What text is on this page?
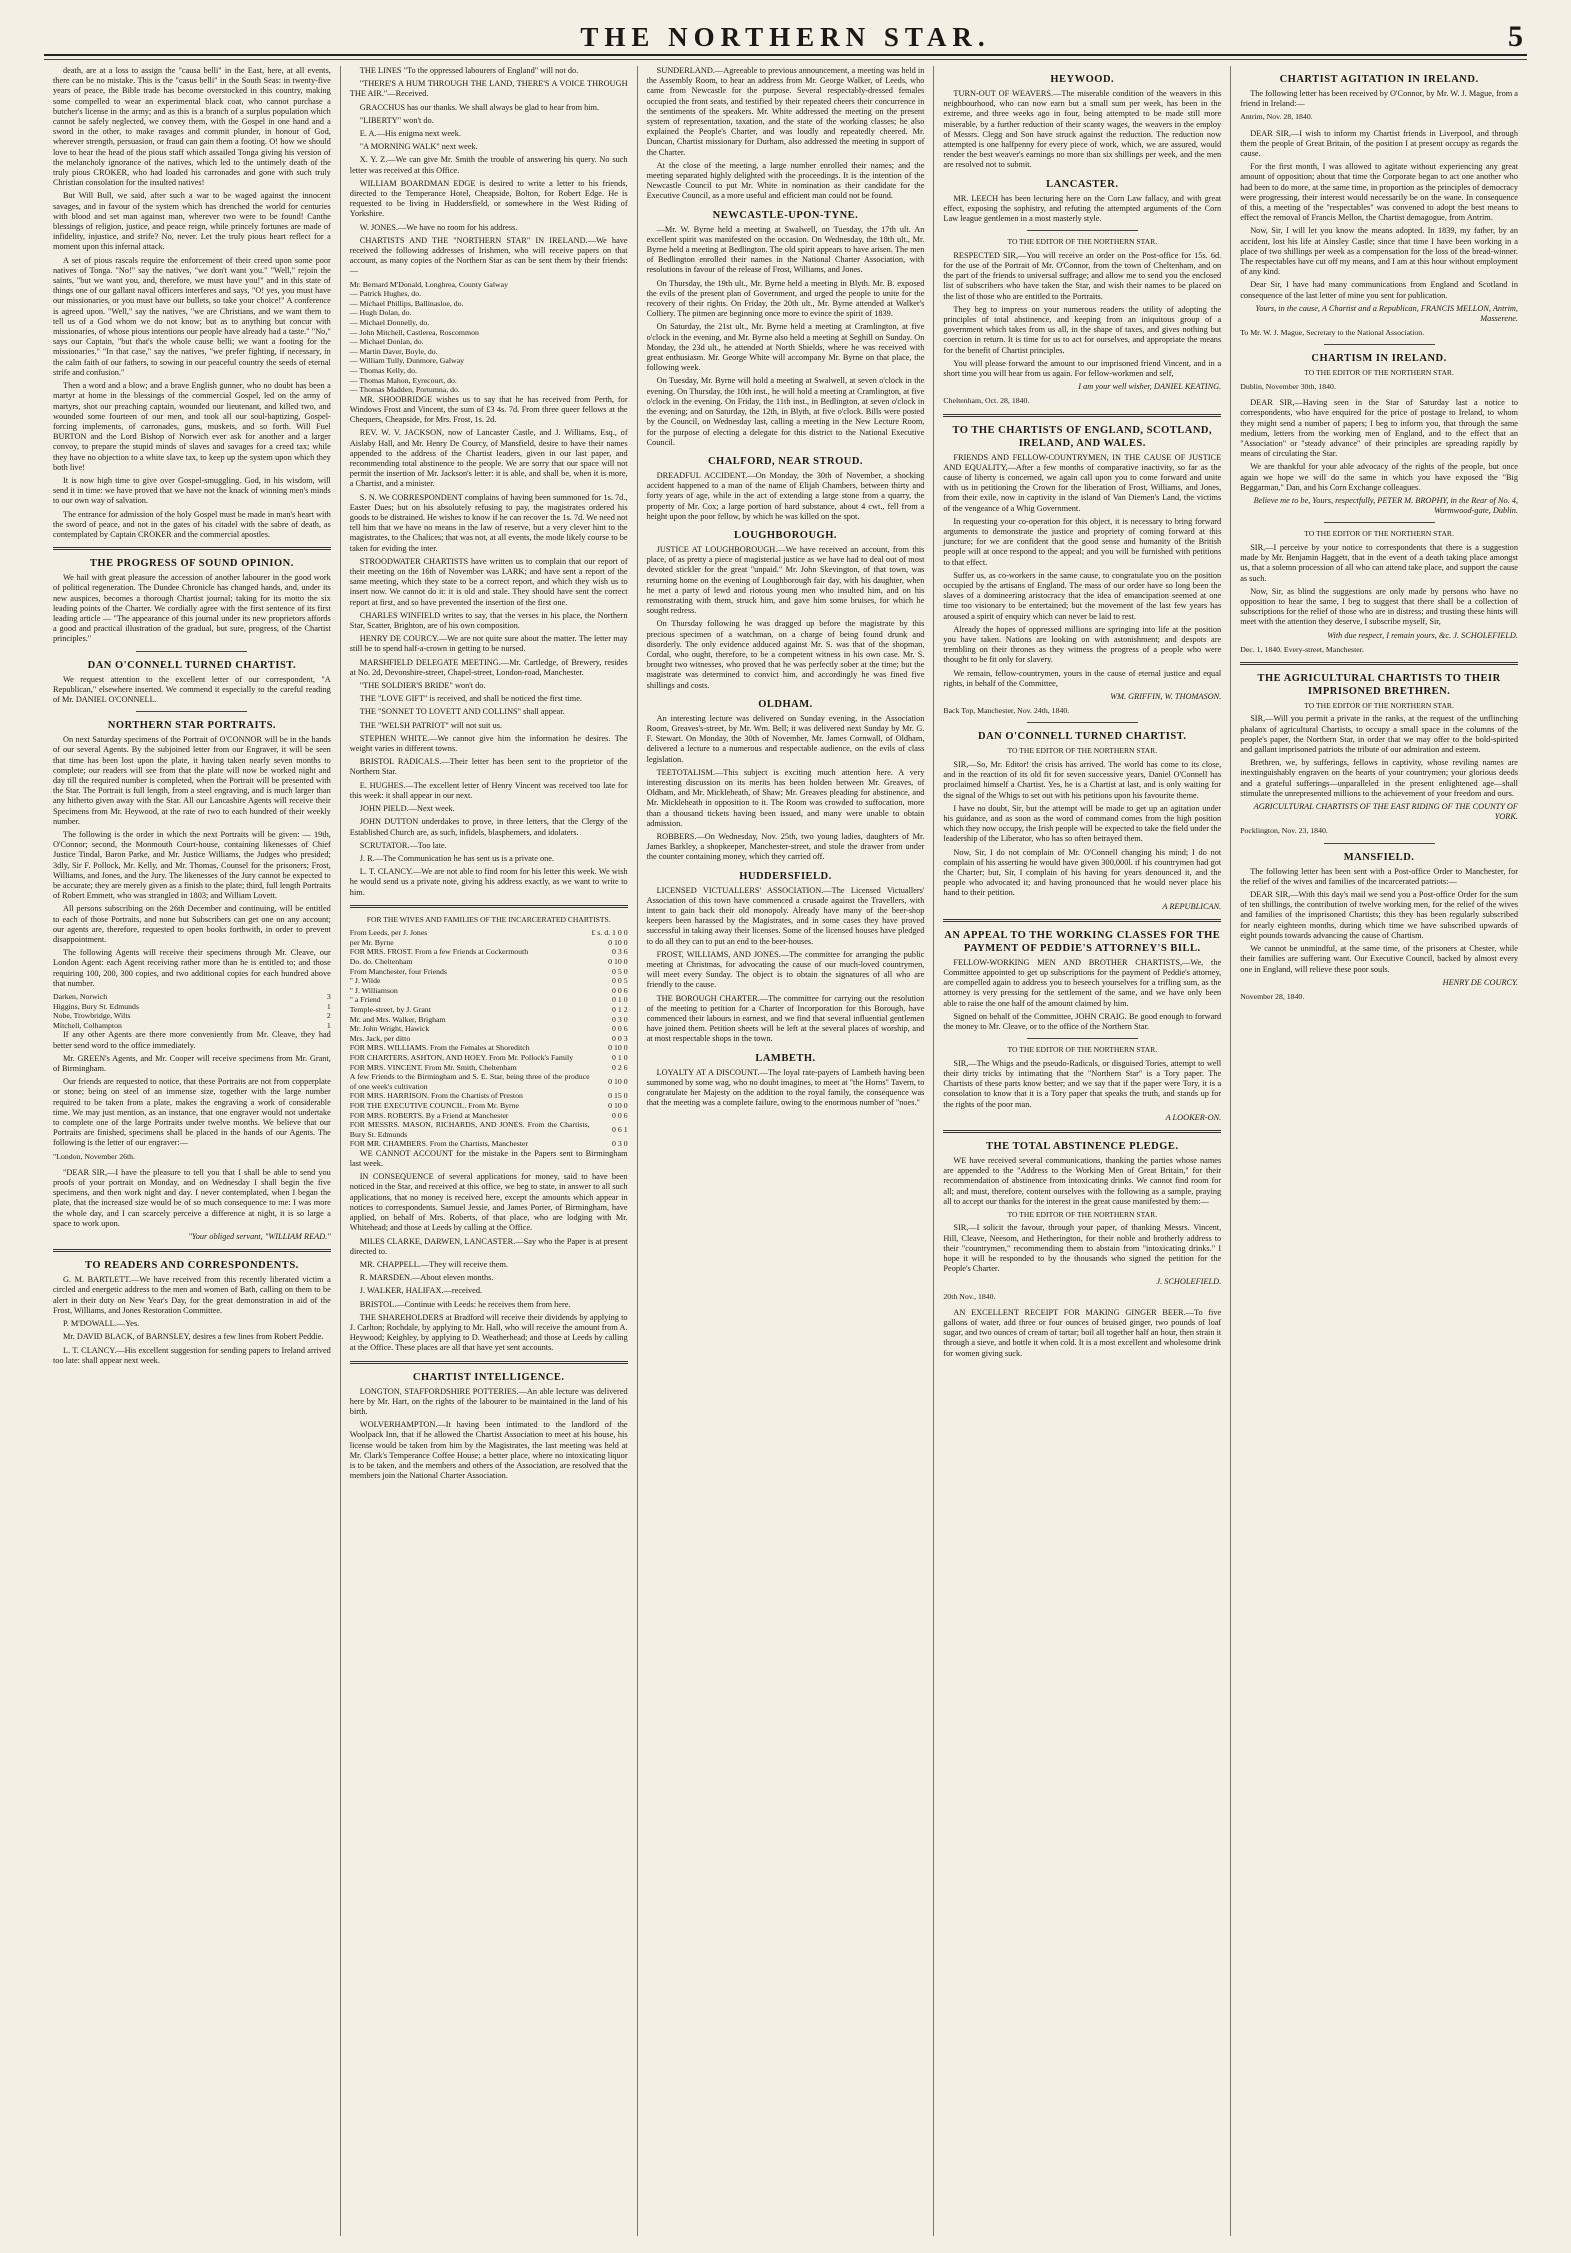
THE NORTHERN STAR.	5

death, are at a loss to assign the "causa belli" in the East, here, at all events, there can be no mistake. This is the "casus belli" in the South Seas: in twenty-five years of peace, the Bible trade has become overstocked in this country, making some compelled to wear an experimental black coat, who cannot purchase a butcher's license in the army; and as this is a branch of a surplus population which cannot be safely neglected, we convey them, with the Gospel in one hand and a sword in the other, to make ravages and commit plunder, in honour of God, wherever strength, persuasion, or fraud can gain them a footing. O! how we should love to hear the head of the pious staff which assailed Tonga giving his version of the melancholy ignorance of the natives, which led to the untimely death of the truly pious CROKER, who had loaded his carronades and gone with such truly Christian consolation for the insulted natives!

But Will Bull, we said, after such a war to be waged against the innocent savages, and in favour of the system which has drenched the world for centuries with blood and set man against man, wherever two were to be found! Canthe blessings of religion, justice, and peace reign, while princely fortunes are made of infidelity, injustice, and strife? No, never. Let the truly pious heart reflect for a moment upon this infernal attack.

A set of pious rascals require the enforcement of their creed upon some poor natives of Tonga. "No!" say the natives, "we don't want you." "Well," rejoin the saints, "but we want you, and, therefore, we must have you!" and in this state of things one of our gallant naval officers interferes and says, "O! yes, you must have our missionaries, or you must have our bullets, so take your choice!" A conference is agreed upon. "Well," say the natives, "we are Christians, and we want them to tell us of a God whom we do not know; but as to anything but concur with missionaries, of whose pious intentions our people have already had a taste." "No," says our Captain, "but that's the whole cause belli; we want a footing for the missionaries." "In that case," say the natives, "we prefer fighting, if necessary, in the calm faith of our fathers, to sowing in our peaceful country the seeds of eternal strife and confusion."

Then a word and a blow; and a brave English gunner, who no doubt has been a martyr at home in the blessings of the commercial Gospel, led on the army of martyrs, shot our preaching captain, wounded our lieutenant, and killed two, and wounded some fourteen of our men, and took all our soul-baptizing, Gospel-forcing implements, of carronades, guns, muskets, and so forth. Will Fuel BURTON and the Lord Bishop of Norwich ever ask for another and a larger convoy, to prepare the stupid minds of slaves and savages for a creed tax; while they have no objection to a white slave tax, to keep up the system upon which they both live!

It is now high time to give over Gospel-smuggling. God, in his wisdom, will send it in time: we have proved that we have not the knack of winning men's minds to our own way of salvation.

The entrance for admission of the holy Gospel must be made in man's heart with the sword of peace, and not in the gates of his citadel with the sabre of death, as contemplated by Captain CROKER and the commercial apostles.

THE PROGRESS OF SOUND OPINION.

We hail with great pleasure the accession of another labourer in the good work of political regeneration. The Dundee Chronicle has changed hands, and, under its new auspices, becomes a thorough Chartist journal; taking for its motto the six leading points of the Charter. We cordially agree with the first sentence of its first leading article — "The appearance of this journal under its new proprietors affords a good and practical illustration of the gradual, but sure, progress, of the Chartist principles."

DAN O'CONNELL TURNED CHARTIST.

We request attention to the excellent letter of our correspondent, "A Republican," elsewhere inserted. We commend it especially to the careful reading of Mr. DANIEL O'CONNELL.

NORTHERN STAR PORTRAITS.

On next Saturday specimens of the Portrait of O'CONNOR will be in the hands of our several Agents. By the subjoined letter from our Engraver, it will be seen that time has been lost upon the plate, it having taken nearly seven months to complete; our readers will see from that the plate will now be worked night and day till the required number is completed, when the Portrait will be presented with the Star. The Portrait is full length, from a steel engraving, and is much larger than any hitherto given away with the Star. All our Lancashire Agents will receive their Specimens from Mr. Heywood, at the rate of two to each hundred of their weekly number.

The following is the order in which the next Portraits will be given: — 19th, O'Connor; second, the Monmouth Court-house, containing likenesses of Chief Justice Tindal, Baron Parke, and Mr. Justice Williams, the Judges who presided; 3dly, Sir F. Pollock, Mr. Kelly, and Mr. Thomas, Counsel for the prisoners; Frost, Williams, and Jones, and the Jury. The likenesses of the Jury cannot be expected to be accurate; they are merely given as a finish to the plate; third, full length Portraits of Robert Emmett, who was strangled in 1803; and William Lovett.

All persons subscribing on the 26th December and continuing, will be entitled to each of those Portraits, and none but Subscribers can get one on any account; our agents are, therefore, requested to open books forthwith, in order to prevent disappointment.

The following Agents will receive their specimens through Mr. Cleave, our London Agent: each Agent receiving rather more than he is entitled to; and those requiring 100, 200, 300 copies, and two additional copies for each hundred above that number.

Darken, Norwich	3
Higgins, Bury St. Edmunds	1
Nobe, Trowbridge, Wilts	2
Mitchell, Colhampton	1

If any other Agents are there more conveniently from Mr. Cleave, they had better send word to the office immediately.

Mr. GREEN's Agents, and Mr. Cooper will receive specimens from Mr. Grant, of Birmingham.

Our friends are requested to notice, that these Portraits are not from copperplate or stone; being on steel of an immense size, together with the large number required to be taken from a plate, makes the engraving a work of considerable time. We may just mention, as an instance, that one engraver would not undertake to complete one of the large Portraits under twelve months. We believe that our Portraits are finished, specimens shall be placed in the hands of our Agents. The following is the letter of our engraver:—

"London, November 26th.

"DEAR SIR,—I have the pleasure to tell you that I shall be able to send you proofs of your portrait on Monday, and on Wednesday I shall begin the five specimens, and then work night and day. I never contemplated, when I began the plate, that the increased size would be of so much consequence to me: I was more the whole day, and I can scarcely perceive a difference at night, it is so large a space to work upon.

"Your obliged servant, "WILLIAM READ."
TO READERS AND CORRESPONDENTS.

G. M. BARTLETT.—We have received from this recently liberated victim a circled and energetic address to the men and women of Bath, calling on them to be alert in their duty on New Year's Day, for the great demonstration in aid of the Frost, Williams, and Jones Restoration Committee.

P. M'DOWALL.—Yes.

Mr. DAVID BLACK, of BARNSLEY, desires a few lines from Robert Peddie.

L. T. CLANCY.—His excellent suggestion for sending papers to Ireland arrived too late: shall appear next week.

THE LINES "To the oppressed labourers of England" will not do.

"THERE'S A HUM THROUGH THE LAND, THERE'S A VOICE THROUGH THE AIR."—Received.

GRACCHUS has our thanks. We shall always be glad to hear from him.

"LIBERTY" won't do.

E. A.—His enigma next week.

"A MORNING WALK" next week.

X. Y. Z.—We can give Mr. Smith the trouble of answering his query. No such letter was received at this Office.

WILLIAM BOARDMAN EDGE is desired to write a letter to his friends, directed to the Temperance Hotel, Cheapside, Bolton, for Robert Edge. He is requested to be living in Huddersfield, or somewhere in the West Riding of Yorkshire.

W. JONES.—We have no room for his address.

CHARTISTS AND THE "NORTHERN STAR" IN IRELAND.—We have received the following addresses of Irishmen, who will receive papers on that account, as many copies of the Northern Star as can be sent them by their friends:—

Mr. Bernard M'Donald, Longhrea, County Galway	
— Patrick Hughes, do.	
— Michael Phillips, Ballinasloe, do.	
— Hugh Dolan, do.	
— Michael Donnelly, do.	
— John Mitchell, Castlerea, Roscommon	
— Michael Donlan, do.	
— Martin Daver, Boyle, do.	
— William Tully, Dunmore, Galway	
— Thomas Kelly, do.	
— Thomas Mahon, Eyrecourt, do.	
— Thomas Madden, Portumna, do.	

MR. SHOOBRIDGE wishes us to say that he has received from Perth, for Windows Frost and Vincent, the sum of £3 4s. 7d. From three queer fellows at the Chequers, Cheapside, for Mrs. Frost, 1s. 2d.

REV. W. V. JACKSON, now of Lancaster Castle, and J. Williams, Esq., of Aislaby Hall, and Mr. Henry De Courcy, of Mansfield, desire to have their names appended to the address of the Chartist leaders, given in our last paper, and recommending total abstinence to the people. We are sorry that our space will not permit the insertion of Mr. Jackson's letter: it is able, and shall be, when it is more, a Chartist, and a minister.

S. N. We CORRESPONDENT complains of having been summoned for 1s. 7d., Easter Dues; but on his absolutely refusing to pay, the magistrates ordered his goods to be distrained. He wishes to know if he can recover the 1s. 7d. We need not tell him that we have no means in the law of reserve, but a very clever hint to the magistrates, to the Chalices; that was not, at all events, the mode likely course to be taken for eviding the inter.

STROODWATER CHARTISTS have written us to complain that our report of their meeting on the 16th of November was LARK; and have sent a report of the same meeting, which they state to be a correct report, and which they wish us to insert now. We cannot do it: it is old and stale. They should have sent the correct report at first, and so have prevented the insertion of the first one.

CHARLES WINFIELD writes to say, that the verses in his place, the Northern Star, Scatter, Brighton, are of his own composition.

HENRY DE COURCY.—We are not quite sure about the matter. The letter may still be to spend half-a-crown in getting to be nursed.

MARSHFIELD DELEGATE MEETING.—Mr. Cartledge, of Brewery, resides at No. 2d, Devonshire-street, Chapel-street, London-road, Manchester.

"THE SOLDIER'S BRIDE" won't do.

THE "LOVE GIFT" is received, and shall be noticed the first time.

THE "SONNET TO LOVETT AND COLLINS" shall appear.

THE "WELSH PATRIOT" will not suit us.

STEPHEN WHITE.—We cannot give him the information he desires. The weight varies in different towns.

BRISTOL RADICALS.—Their letter has been sent to the proprietor of the Northern Star.

E. HUGHES.—The excellent letter of Henry Vincent was received too late for this week: it shall appear in our next.

JOHN PIELD.—Next week.

JOHN DUTTON underdakes to prove, in three letters, that the Clergy of the Established Church are, as such, infidels, blasphemers, and idolaters.

SCRUTATOR.—Too late.

J. R.—The Communication he has sent us is a private one.

L. T. CLANCY.—We are not able to find room for his letter this week. We wish he would send us a private note, giving his address exactly, as we want to write to him.

FOR THE WIVES AND FAMILIES OF THE INCARCERATED CHARTISTS.
From Leeds, per J. Jones	£ s. d. 1 0 0
per Mr. Byrne	0 10 0
FOR MRS. FROST. From a few Friends at Cockermouth	0 3 6
Do. do. Cheltenham	0 10 0
From Manchester, four Friends	0 5 0
" J. Wilde	0 0 5
" J. Williamson	0 0 6
" a Friend	0 1 0
Temple-street, by J. Grant	0 1 2
Mr. and Mrs. Walker, Brigham	0 3 0
Mr. John Wright, Hawick	0 0 6
Mrs. Jack, per ditto	0 0 3
FOR MRS. WILLIAMS. From the Females at Shoreditch	0 10 0
FOR CHARTERS, ASHTON, AND HOEY. From Mr. Pollock's Family	0 1 0
FOR MRS. VINCENT. From Mr. Smith, Cheltenham	0 2 6
A few Friends to the Birmingham and S. E. Star, being three of the produce of one week's cultivation	0 10 0
FOR MRS. HARRISON. From the Chartists of Preston	0 15 0
FOR THE EXECUTIVE COUNCIL. From Mr. Byrne	0 10 0
FOR MRS. ROBERTS. By a Friend at Manchester	0 0 6
FOR MESSRS. MASON, RICHARDS, AND JONES. From the Chartists, Bury St. Edmunds	0 6 1
FOR MR. CHAMBERS. From the Chartists, Manchester	0 3 0

WE CANNOT ACCOUNT for the mistake in the Papers sent to Birmingham last week.

IN CONSEQUENCE of several applications for money, said to have been noticed in the Star, and received at this office, we beg to state, in answer to all such applications, that no money is received here, except the amounts which appear in notices to correspondents. Samuel Jessie, and James Porter, of Birmingham, have applied, on behalf of Mrs. Roberts, of that place, who are lodging with Mr. Whitehead; and those at Leeds by calling at the Office.

MILES CLARKE, DARWEN, LANCASTER.—Say who the Paper is at present directed to.

MR. CHAPPELL.—They will receive them.

R. MARSDEN.—About eleven months.

J. WALKER, HALIFAX.—received.

BRISTOL.—Continue with Leeds: he receives them from here.

THE SHAREHOLDERS at Bradford will receive their dividends by applying to J. Carlton; Rochdale, by applying to Mr. Hall, who will receive the amount from A. Heywood; Keighley, by applying to D. Weatherhead; and those at Leeds by calling at the Office. These places are all that have yet sent accounts.

CHARTIST INTELLIGENCE.

LONGTON, STAFFORDSHIRE POTTERIES.—An able lecture was delivered here by Mr. Hart, on the rights of the labourer to be maintained in the land of his birth.

WOLVERHAMPTON.—It having been intimated to the landlord of the Woolpack Inn, that if he allowed the Chartist Association to meet at his house, his license would be taken from him by the Magistrates, the last meeting was held at Mr. Clark's Temperance Coffee House; a better place, where no intoxicating liquor is to be taken, and the members and others of the Association, are resolved that the members join the National Charter Association.

SUNDERLAND.—Agreeable to previous announcement, a meeting was held in the Assembly Room, to hear an address from Mr. George Walker, of Leeds, who came from Newcastle for the purpose. Several respectably-dressed females occupied the front seats, and testified by their repeated cheers their concurrence in the sentiments of the speakers. Mr. White addressed the meeting on the present system of representation, taxation, and the state of the working classes; he also explained the People's Charter, and was loudly and repeatedly cheered. Mr. Duncan, Chartist missionary for Durham, also addressed the meeting in support of the Charter.

At the close of the meeting, a large number enrolled their names; and the meeting separated highly delighted with the proceedings. It is the intention of the Newcastle Council to put Mr. White in nomination as their candidate for the Executive Council, as a more useful and efficient man could not be found.

NEWCASTLE-UPON-TYNE.

—Mr. W. Byrne held a meeting at Swalwell, on Tuesday, the 17th ult. An excellent spirit was manifested on the occasion. On Wednesday, the 18th ult., Mr. Byrne held a meeting at Bedlington. The old spirit appears to have arisen. The men of Bedlington enrolled their names in the National Charter Association, with resolutions in favour of the release of Frost, Williams, and Jones.

On Thursday, the 19th ult., Mr. Byrne held a meeting in Blyth. Mr. B. exposed the evils of the present plan of Government, and urged the people to unite for the recovery of their rights. On Friday, the 20th ult., Mr. Byrne attended at Walker's Colliery. The pitmen are beginning once more to evince the spirit of 1839.

On Saturday, the 21st ult., Mr. Byrne held a meeting at Cramlington, at five o'clock in the evening, and Mr. Byrne also held a meeting at Seghill on Sunday. On Monday, the 23d ult., he attended at North Shields, where he was received with great enthusiasm. Mr. George White will accompany Mr. Byrne on that place, the following week.

On Tuesday, Mr. Byrne will hold a meeting at Swalwell, at seven o'clock in the evening. On Thursday, the 10th inst., he will hold a meeting at Cramlington, at five o'clock in the evening. On Friday, the 11th inst., in Bedlington, at seven o'clock in the evening; and on Saturday, the 12th, in Blyth, at five o'clock. Bills were posted by the Council, on Wednesday last, calling a meeting in the New Lecture Room, for the purpose of electing a delegate for this district to the National Executive Council.

CHALFORD, NEAR STROUD.

DREADFUL ACCIDENT.—On Monday, the 30th of November, a shocking accident happened to a man of the name of Elijah Chambers, between thirty and forty years of age, while in the act of extending a large stone from a quarry, the property of Mr. Cox; a large portion of hard substance, about 4 cwt., fell from a height upon the poor fellow, by which he was killed on the spot.

LOUGHBOROUGH.

JUSTICE AT LOUGHBOROUGH.—We have received an account, from this place, of as pretty a piece of magisterial justice as we have had to deal out of most devoted stickler for the great "unpaid." Mr. John Skevington, of that town, was returning home on the evening of Loughborough fair day, with his daughter, when he met a party of lewd and riotous young men who insulted him, and on his remonstrating with them, struck him, and gave him some bruises, for which he sought redress.

On Thursday following he was dragged up before the magistrate by this precious specimen of a watchman, on a charge of being found drunk and disorderly. The only evidence adduced against Mr. S. was that of the shopman, Cordal, who ought, therefore, to be a competent witness in his own case. Mr. S. brought two witnesses, who proved that he was perfectly sober at the time; but the magistrate was determined to convict him, and accordingly he was fined five shillings and costs.

OLDHAM.

An interesting lecture was delivered on Sunday evening, in the Association Room, Greaves's-street, by Mr. Wm. Bell; it was delivered next Sunday by Mr. G. F. Stewart. On Monday, the 30th of November, Mr. James Cornwall, of Oldham, delivered a lecture to a numerous and respectable audience, on the evils of class legislation.

TEETOTALISM.—This subject is exciting much attention here. A very interesting discussion on its merits has been holden between Mr. Greaves, of Oldham, and Mr. Mickleheath, of Shaw; Mr. Greaves pleading for abstinence, and Mr. Mickleheath in opposition to it. The Room was crowded to suffocation, more than a thousand tickets having been issued, and many were unable to obtain admission.

ROBBERS.—On Wednesday, Nov. 25th, two young ladies, daughters of Mr. James Barkley, a shopkeeper, Manchester-street, and stole the drawer from under the counter containing money, which they carried off.

HUDDERSFIELD.

LICENSED VICTUALLERS' ASSOCIATION.—The Licensed Victuallers' Association of this town have commenced a crusade against the Travellers, with intent to gain back their old monopoly. Already have many of the beer-shop keepers been harassed by the Magistrates, and in some cases they have proved successful in taking away their licenses. Some of the licensed houses have pledged to do all they can to put an end to the beer-houses.

FROST, WILLIAMS, AND JONES.—The committee for arranging the public meeting at Christmas, for advocating the cause of our much-loved countrymen, will meet every Sunday. The object is to obtain the signatures of all who are friendly to the cause.

THE BOROUGH CHARTER.—The committee for carrying out the resolution of the meeting to petition for a Charter of Incorporation for this Borough, have commenced their labours in earnest, and we find that several influential gentlemen have joined them. Petition sheets will be left at the several places of worship, and at most respectable shops in the town.

LAMBETH.

LOYALTY AT A DISCOUNT.—The loyal rate-payers of Lambeth having been summoned by some wag, who no doubt imagines, to meet at "the Horns" Tavern, to congratulate her Majesty on the addition to the royal family, the consequence was that the meeting was a complete failure, owing to the enormous number of "noes."

HEYWOOD.

TURN-OUT OF WEAVERS.—The miserable condition of the weavers in this neighbourhood, who can now earn but a small sum per week, has been in the extreme, and three weeks ago in four, being attempted to be made still more miserable, by a further reduction of their scanty wages, the weavers in the employ of Messrs. Clegg and Son have struck against the reduction. The reduction now attempted is one halfpenny for every piece of work, which, we are assured, would render the best weaver's earnings no more than six shillings per week, and the men are resolved not to submit.

LANCASTER.

MR. LEECH has been lecturing here on the Corn Law fallacy, and with great effect, exposing the sophistry, and refuting the attempted arguments of the Corn Law league gentlemen in a most masterly style.

TO THE EDITOR OF THE NORTHERN STAR.

RESPECTED SIR,—You will receive an order on the Post-office for 15s. 6d. for the use of the Portrait of Mr. O'Connor, from the town of Cheltenham, and on the part of the friends to universal suffrage; and allow me to send you the enclosed list of subscribers who have taken the Star, and wish their names to be placed on the list of those who are entitled to the Portraits.

They beg to impress on your numerous readers the utility of adopting the principles of total abstinence, and keeping from an iniquitous group of a government which takes from us all, in the shape of taxes, and gives nothing but coercion in return. It is time for us to act for ourselves, and appropriate the means for the benefit of Chartist principles.

You will please forward the amount to our imprisoned friend Vincent, and in a short time you will hear from us again. For fellow-workmen and self,

I am your well wisher, DANIEL KEATING.
Cheltenham, Oct. 28, 1840.
TO THE CHARTISTS OF ENGLAND, SCOTLAND, IRELAND, AND WALES.

FRIENDS AND FELLOW-COUNTRYMEN, IN THE CAUSE OF JUSTICE AND EQUALITY,—After a few months of comparative inactivity, so far as the cause of liberty is concerned, we again call upon you to come forward and unite with us in petitioning the Crown for the liberation of Frost, Williams, and Jones, from their exile, now in captivity in the island of Van Diemen's Land, the victims of the vengeance of a Whig Government.

In requesting your co-operation for this object, it is necessary to bring forward arguments to demonstrate the justice and propriety of coming forward at this juncture; for we are confident that the good sense and humanity of the British people will at once respond to the appeal; and you will be furnished with petitions to that effect.

Suffer us, as co-workers in the same cause, to congratulate you on the position occupied by the artisans of England. The mass of our order have so long been the slaves of a domineering aristocracy that the idea of emancipation seemed at one time too visionary to be entertained; but the movement of the last few years has aroused a spirit of enquiry which can never be laid to rest.

Already the hopes of oppressed millions are springing into life at the position you have taken. Nations are looking on with astonishment; and despots are trembling on their thrones as they witness the progress of a people who were thought to be fit only for slavery.

We remain, fellow-countrymen, yours in the cause of eternal justice and equal rights, in behalf of the Committee,

WM. GRIFFIN, W. THOMASON.
Back Top, Manchester, Nov. 24th, 1840.
DAN O'CONNELL TURNED CHARTIST.
TO THE EDITOR OF THE NORTHERN STAR.

SIR,—So, Mr. Editor! the crisis has arrived. The world has come to its close, and in the reaction of its old fit for seven successive years, Daniel O'Connell has proclaimed himself a Chartist. Yes, he is a Chartist at last, and is only waiting for the signal of the Whigs to set out with his petitions upon his favourite theme.

I have no doubt, Sir, but the attempt will be made to get up an agitation under his guidance, and as soon as the word of command comes from the high position which they now occupy, the Irish people will be expected to take the field under the leadership of the Liberator, who has so often betrayed them.

Now, Sir, I do not complain of Mr. O'Connell changing his mind; I do not complain of his asserting he would have given 300,000l. if his countrymen had got the Charter; but, Sir, I complain of his having for years denounced it, and the people who advocated it; and having pronounced that he would never place his hand to their petition.

A REPUBLICAN.
AN APPEAL TO THE WORKING CLASSES FOR THE PAYMENT OF PEDDIE'S ATTORNEY'S BILL.

FELLOW-WORKING MEN AND BROTHER CHARTISTS,—We, the Committee appointed to get up subscriptions for the payment of Peddie's attorney, are compelled again to address you to beseech yourselves for a trifling sum, as the attorney is very pressing for the settlement of the same, and we have only been able to raise the one half of the amount claimed by him.

Signed on behalf of the Committee, JOHN CRAIG. Be good enough to forward the money to Mr. Cleave, or to the office of the Northern Star.

TO THE EDITOR OF THE NORTHERN STAR.

SIR,—The Whigs and the pseudo-Radicals, or disguised Tories, attempt to well their dirty tricks by intimating that the "Northern Star" is a Tory paper. The Chartists of these parts know better; and we say that if the paper were Tory, it is a consolation to know that it is a Tory paper that speaks the truth, and stands up for the rights of the poor man.

A LOOKER-ON.
THE TOTAL ABSTINENCE PLEDGE.

WE have received several communications, thanking the parties whose names are appended to the "Address to the Working Men of Great Britain," for their recommendation of abstinence from intoxicating drinks. We cannot find room for all; and must, therefore, content ourselves with the following as a sample, praying all to accept our thanks for the interest in the great cause manifested by them:—

TO THE EDITOR OF THE NORTHERN STAR.

SIR,—I solicit the favour, through your paper, of thanking Messrs. Vincent, Hill, Cleave, Neesom, and Hetherington, for their noble and brotherly address to their "countrymen," recommending them to abstain from "intoxicating drinks." I hope it will be responded to by the thousands who signed the petition for the People's Charter.

J. SCHOLEFIELD.
20th Nov., 1840.

AN EXCELLENT RECEIPT FOR MAKING GINGER BEER.—To five gallons of water, add three or four ounces of bruised ginger, two pounds of loaf sugar, and two ounces of cream of tartar; boil all together half an hour, then strain it through a sieve, and bottle it when cold. It is a most excellent and wholesome drink for women giving suck.

CHARTIST AGITATION IN IRELAND.

The following letter has been received by O'Connor, by Mr. W. J. Mague, from a friend in Ireland:—

Antrim, Nov. 28, 1840.

DEAR SIR,—I wish to inform my Chartist friends in Liverpool, and through them the people of Great Britain, of the position I at present occupy as regards the cause.

For the first month, I was allowed to agitate without experiencing any great amount of opposition; about that time the Corporate began to act one another who had been to do more, at the same time, in proportion as the principles of democracy were progressing, their interest would necessarily be on the wane. In consequence of this, a meeting of the "respectables" was convened to adopt the best means to effect the removal of Francis Mellon, the Chartist demagogue, from Antrim.

Now, Sir, I will let you know the means adopted. In 1839, my father, by an accident, lost his life at Ainsley Castle; since that time I have been working in a place of two shillings per week as a compensation for the loss of the bread-winner. The respectables have cut off my means, and I am at this hour without employment of any kind.

Dear Sir, I have had many communications from England and Scotland in consequence of the last letter of mine you sent for publication.

Yours, in the cause, A Chartist and a Republican, FRANCIS MELLON, Antrim, Masserene.
To Mr. W. J. Mague, Secretary to the National Association.
CHARTISM IN IRELAND.
TO THE EDITOR OF THE NORTHERN STAR.
Dublin, November 30th, 1840.

DEAR SIR,—Having seen in the Star of Saturday last a notice to correspondents, who have enquired for the price of postage to Ireland, to whom they might send a number of papers; I beg to inform you, that through the same medium, letters from the working men of England, and to the effect that an "Association" or "steady advance" of their principles are spreading rapidly by means of circulating the Star.

We are thankful for your able advocacy of the rights of the people, but once again we hope we will do the same in which you have exposed the "Big Beggarman," Dan, and his Corn Exchange colleagues.

Believe me to be, Yours, respectfully, PETER M. BROPHY, in the Rear of No. 4, Warmwood-gate, Dublin.
TO THE EDITOR OF THE NORTHERN STAR.

SIR,—I perceive by your notice to correspondents that there is a suggestion made by Mr. Benjamin Haggett, that in the event of a death taking place amongst us, that a solemn procession of all who can attend take place, and support the cause as such.

Now, Sir, as blind the suggestions are only made by persons who have no opposition to hear the same, I beg to suggest that there shall be a collection of subscriptions for the relief of those who are in distress; and trusting these hints will meet with the attention they deserve, I subscribe myself, Sir,

With due respect, I remain yours, &c. J. SCHOLEFIELD.
Dec. 1, 1840. Every-street, Manchester.
THE AGRICULTURAL CHARTISTS TO THEIR IMPRISONED BRETHREN.
TO THE EDITOR OF THE NORTHERN STAR.

SIR,—Will you permit a private in the ranks, at the request of the unflinching phalanx of agricultural Chartists, to occupy a small space in the columns of the people's paper, the Northern Star, in order that we may offer to the bold-spirited and gallant imprisoned patriots the tribute of our admiration and esteem.

Brethren, we, by sufferings, fellows in captivity, whose reviling names are inextinguishably engraven on the hearts of your countrymen; your glorious deeds and a grateful sufferings—unparalleled in the present enlightened age—shall stimulate the unrepresented millions to the achievement of your freedom and ours.

AGRICULTURAL CHARTISTS OF THE EAST RIDING OF THE COUNTY OF YORK.
Pocklington, Nov. 23, 1840.
MANSFIELD.

The following letter has been sent with a Post-office Order to Manchester, for the relief of the wives and families of the incarcerated patriots:—

DEAR SIR,—With this day's mail we send you a Post-office Order for the sum of ten shillings, the contribution of twelve working men, for the relief of the wives and families of the imprisoned Chartists; this they has been regularly subscribed for nearly eighteen months, during which time we have subscribed upwards of eight pounds towards advancing the cause of Chartism.

We cannot be unmindful, at the same time, of the prisoners at Chester, while their families are suffering want. Our Executive Council, backed by almost every one in England, will relieve these poor souls.

HENRY DE COURCY.
November 28, 1840.
